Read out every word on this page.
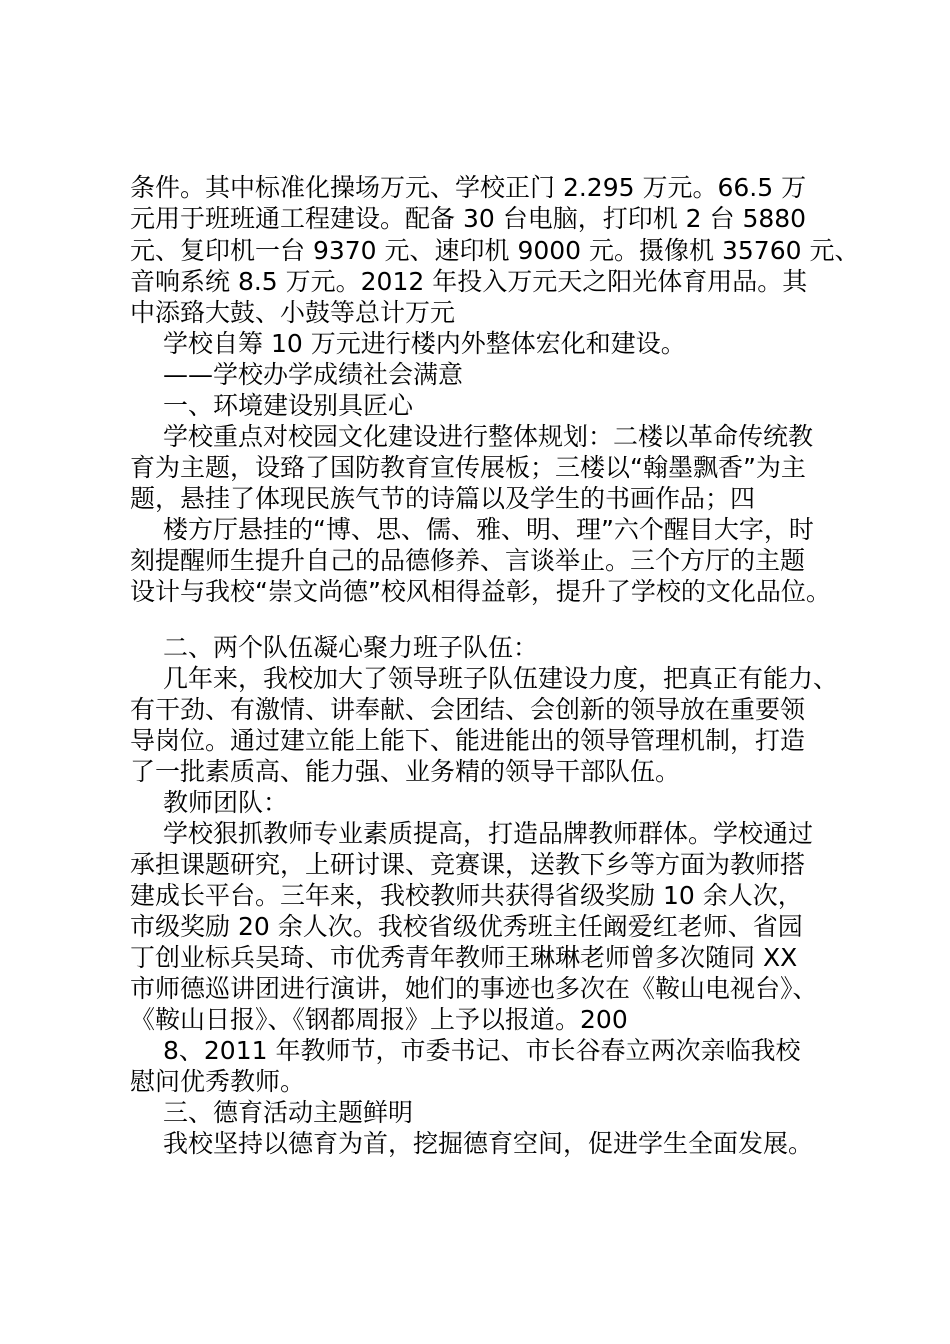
条件。其中标准化操场万元、学校正门 2.295 万元。66.5 万
元用于班班通工程建设。配备 30 台电脑，打印机 2 台 5880
元、复印机一台 9370 元、速印机 9000 元。摄像机 35760 元、
音响系统 8.5 万元。2012 年投入万元天之阳光体育用品。其
中添臵大鼓、小鼓等总计万元
学校自筹 10 万元进行楼内外整体宏化和建设。
——学校办学成绩社会满意
一、环境建设别具匠心
学校重点对校园文化建设进行整体规划：二楼以革命传统教
育为主题，设臵了国防教育宣传展板；三楼以“翰墨飘香”为主
题，悬挂了体现民族气节的诗篇以及学生的书画作品；四
楼方厅悬挂的“博、思、儒、雅、明、理”六个醒目大字，时
刻提醒师生提升自己的品德修养、言谈举止。三个方厅的主题
设计与我校“崇文尚德”校风相得益彰，提升了学校的文化品位。
二、两个队伍凝心聚力班子队伍：
几年来，我校加大了领导班子队伍建设力度，把真正有能力、
有干劲、有激情、讲奉献、会团结、会创新的领导放在重要领
导岗位。通过建立能上能下、能进能出的领导管理机制，打造
了一批素质高、能力强、业务精的领导干部队伍。
教师团队：
学校狠抓教师专业素质提高，打造品牌教师群体。学校通过
承担课题研究，上研讨课、竞赛课，送教下乡等方面为教师搭
建成长平台。三年来，我校教师共获得省级奖励 10 余人次，
市级奖励 20 余人次。我校省级优秀班主任阚爱红老师、省园
丁创业标兵吴琦、市优秀青年教师王琳琳老师曾多次随同 XX
市师德巡讲团进行演讲，她们的事迹也多次在《鞍山电视台》、
《鞍山日报》、《钢都周报》上予以报道。200
8、2011 年教师节，市委书记、市长谷春立两次亲临我校
慰问优秀教师。
三、德育活动主题鲜明
我校坚持以德育为首，挖掘德育空间，促进学生全面发展。
